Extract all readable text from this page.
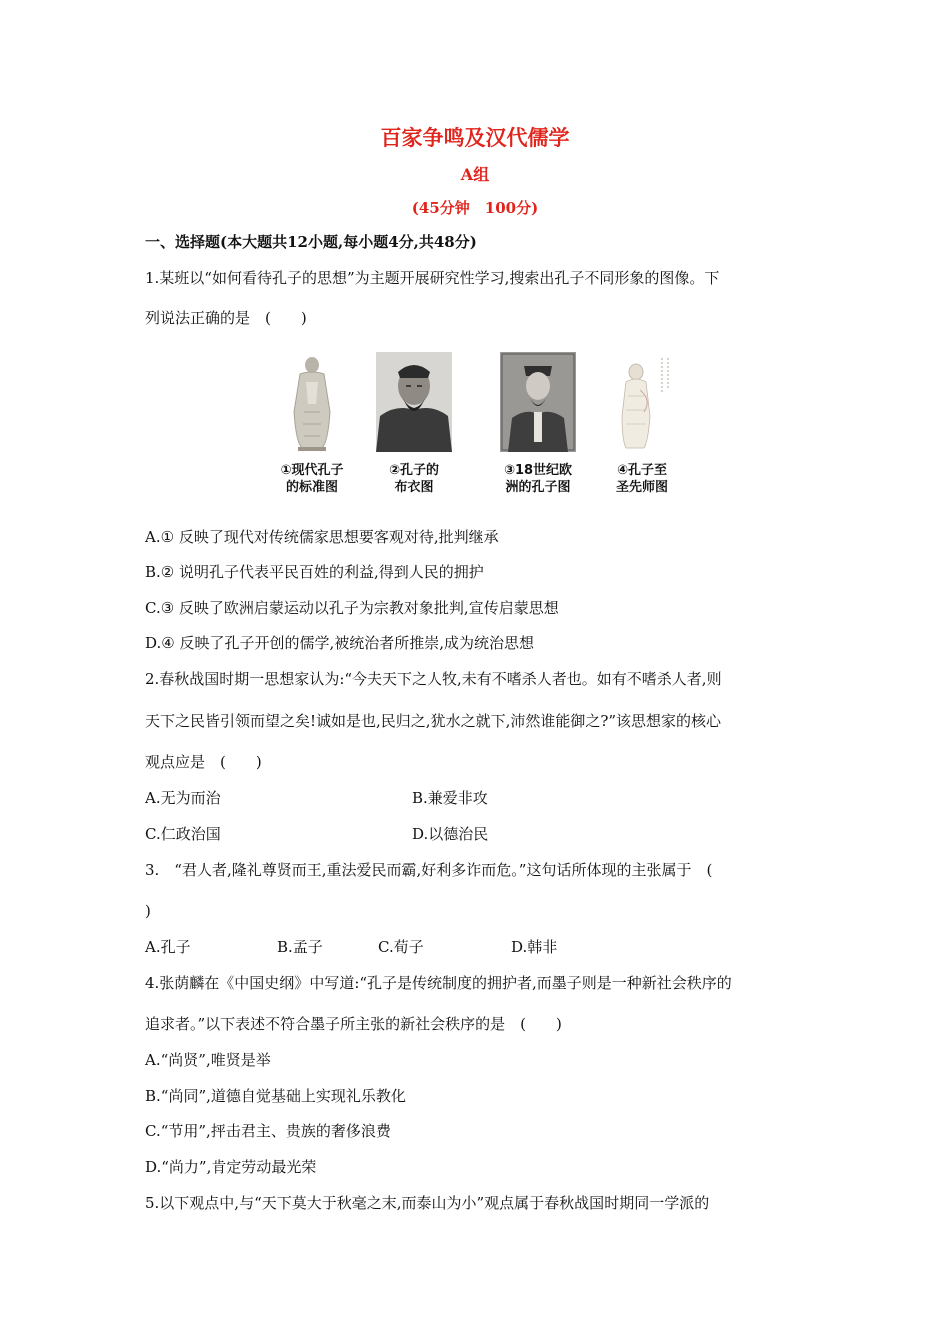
百家争鸣及汉代儒学
A组
(45分钟　100分)
一、选择题(本大题共12小题,每小题4分,共48分)
1.某班以“如何看待孔子的思想”为主题开展研究性学习,搜索出孔子不同形象的图像。下
列说法正确的是　(　　)
①现代孔子
的标准图
②孔子的
布衣图
③18世纪欧
洲的孔子图
④孔子至
圣先师图
A.① 反映了现代对传统儒家思想要客观对待,批判继承
B.② 说明孔子代表平民百姓的利益,得到人民的拥护
C.③ 反映了欧洲启蒙运动以孔子为宗教对象批判,宣传启蒙思想
D.④ 反映了孔子开创的儒学,被统治者所推崇,成为统治思想
2.春秋战国时期一思想家认为:“今夫天下之人牧,未有不嗜杀人者也。如有不嗜杀人者,则
天下之民皆引领而望之矣!诚如是也,民归之,犹水之就下,沛然谁能御之?”该思想家的核心
观点应是　(　　)
A.无为而治	B.兼爱非攻
C.仁政治国	D.以德治民
3.　“君人者,隆礼尊贤而王,重法爱民而霸,好利多诈而危。”这句话所体现的主张属于　(
)
A.孔子	B.孟子	C.荀子	D.韩非
4.张荫麟在《中国史纲》中写道:“孔子是传统制度的拥护者,而墨子则是一种新社会秩序的
追求者。”以下表述不符合墨子所主张的新社会秩序的是　(　　)
A.“尚贤”,唯贤是举
B.“尚同”,道德自觉基础上实现礼乐教化
C.“节用”,抨击君主、贵族的奢侈浪费
D.“尚力”,肯定劳动最光荣
5.以下观点中,与“天下莫大于秋毫之末,而泰山为小”观点属于春秋战国时期同一学派的
